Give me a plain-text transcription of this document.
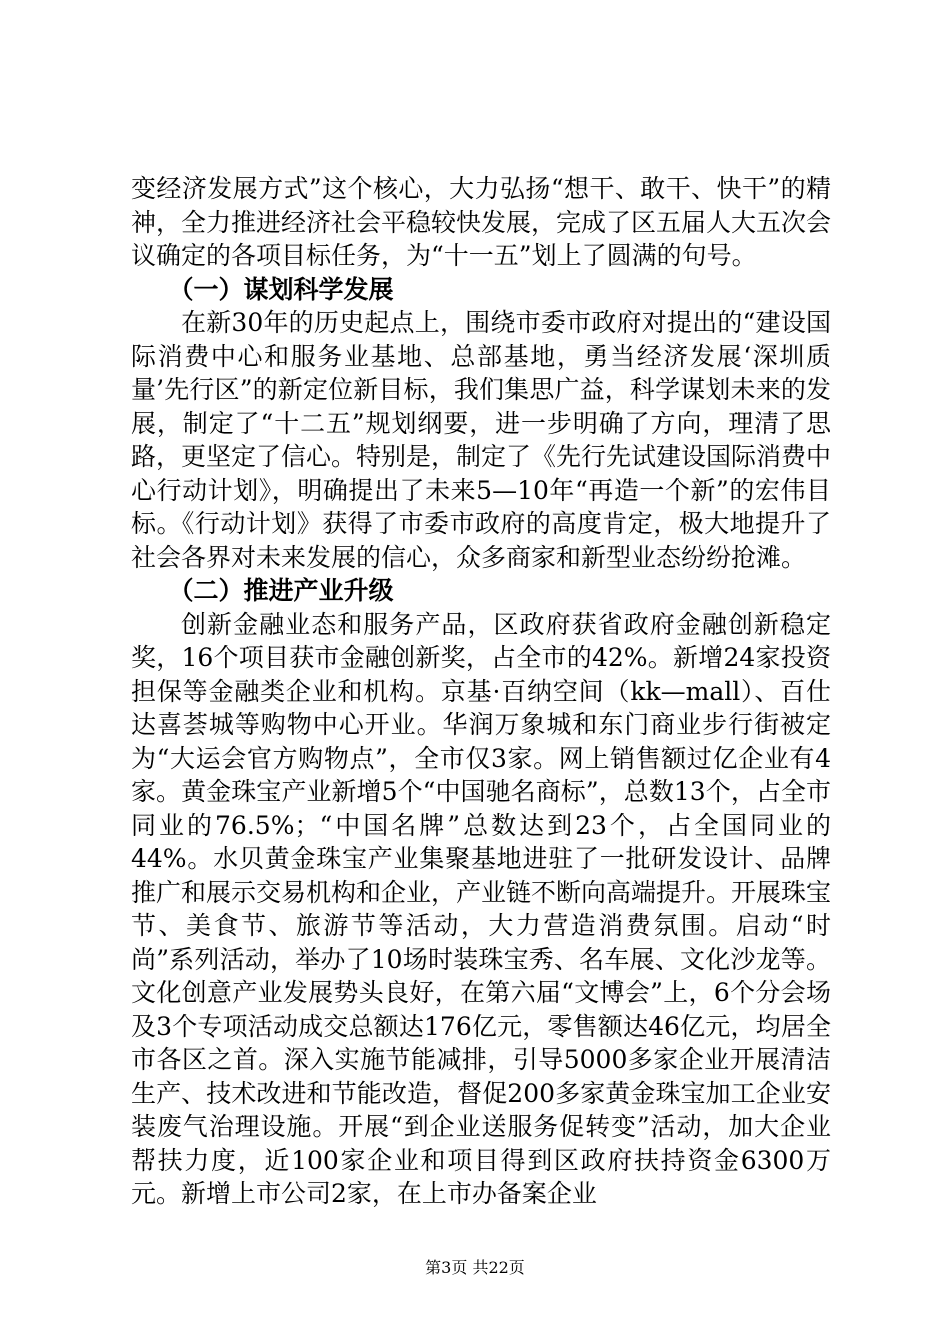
变经济发展方式”这个核心，大力弘扬“想干、敢干、快干”的精神，全力推进经济社会平稳较快发展，完成了区五届人大五次会议确定的各项目标任务，为“十一五”划上了圆满的句号。

（一）谋划科学发展

在新30年的历史起点上，围绕市委市政府对提出的“建设国际消费中心和服务业基地、总部基地，勇当经济发展‘深圳质量’先行区”的新定位新目标，我们集思广益，科学谋划未来的发展，制定了“十二五”规划纲要，进一步明确了方向，理清了思路，更坚定了信心。特别是，制定了《先行先试建设国际消费中心行动计划》，明确提出了未来5—10年“再造一个新”的宏伟目标。《行动计划》获得了市委市政府的高度肯定，极大地提升了社会各界对未来发展的信心，众多商家和新型业态纷纷抢滩。

（二）推进产业升级

创新金融业态和服务产品，区政府获省政府金融创新稳定奖，16个项目获市金融创新奖，占全市的42%。新增24家投资担保等金融类企业和机构。京基·百纳空间（kk—mall）、百仕达喜荟城等购物中心开业。华润万象城和东门商业步行街被定为“大运会官方购物点”，全市仅3家。网上销售额过亿企业有4家。黄金珠宝产业新增5个“中国驰名商标”，总数13个，占全市同业的76.5%；“中国名牌”总数达到23个，占全国同业的44%。水贝黄金珠宝产业集聚基地进驻了一批研发设计、品牌推广和展示交易机构和企业，产业链不断向高端提升。开展珠宝节、美食节、旅游节等活动，大力营造消费氛围。启动“时尚”系列活动，举办了10场时装珠宝秀、名车展、文化沙龙等。文化创意产业发展势头良好，在第六届“文博会”上，6个分会场及3个专项活动成交总额达176亿元，零售额达46亿元，均居全市各区之首。深入实施节能减排，引导5000多家企业开展清洁生产、技术改进和节能改造，督促200多家黄金珠宝加工企业安装废气治理设施。开展“到企业送服务促转变”活动，加大企业帮扶力度，近100家企业和项目得到区政府扶持资金6300万元。新增上市公司2家，在上市办备案企业

第3页 共22页
